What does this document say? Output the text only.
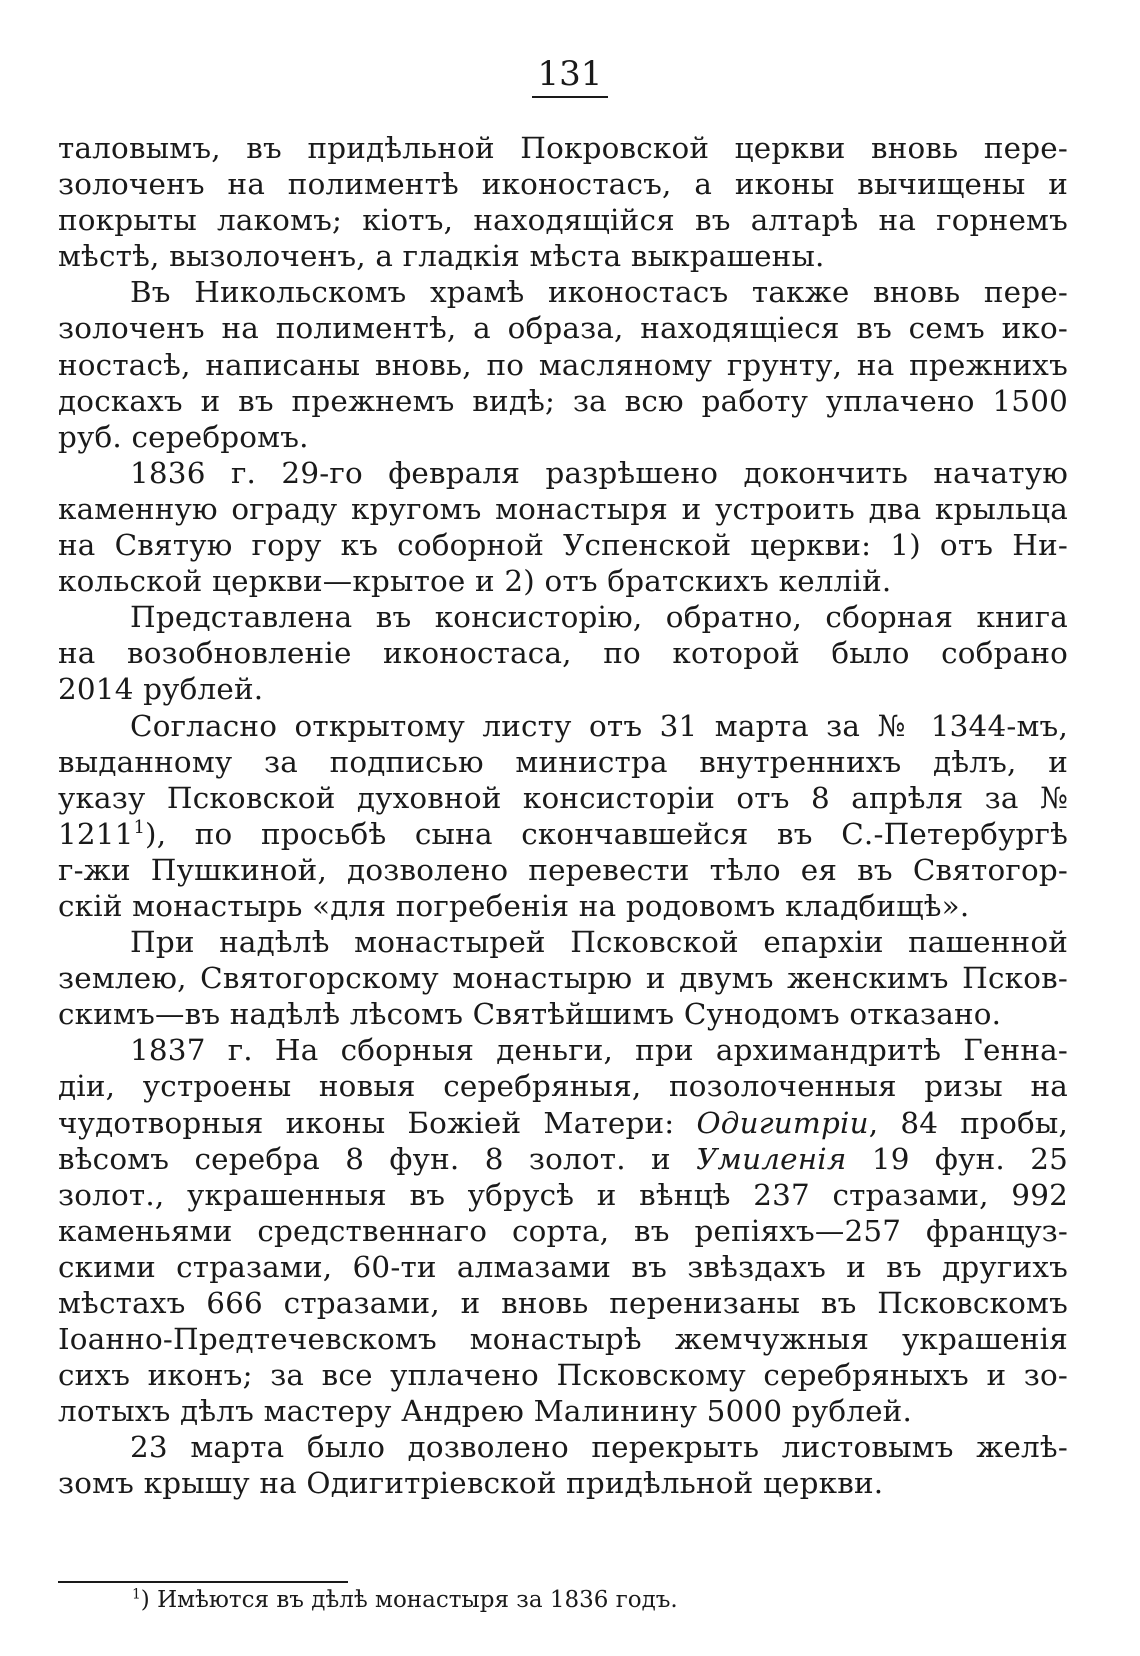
131
таловымъ, въ придѣльной Покровской церкви вновь пере-
золоченъ на полиментѣ иконостасъ, а иконы вычищены и
покрыты лакомъ; кіотъ, находящійся въ алтарѣ на горнемъ
мѣстѣ, вызолоченъ, а гладкія мѣста выкрашены.
Въ Никольскомъ храмѣ иконостасъ также вновь пере-
золоченъ на полиментѣ, а образа, находящіеся въ семъ ико-
ностасѣ, написаны вновь, по масляному грунту, на прежнихъ
доскахъ и въ прежнемъ видѣ; за всю работу уплачено 1500
руб. серебромъ.
1836 г. 29-го февраля разрѣшено докончить начатую
каменную ограду кругомъ монастыря и устроить два крыльца
на Святую гору къ соборной Успенской церкви: 1) отъ Ни-
кольской церкви—крытое и 2) отъ братскихъ келлій.
Представлена въ консисторію, обратно, сборная книга
на возобновленіе иконостаса, по которой было собрано
2014 рублей.
Согласно открытому листу отъ 31 марта за № 1344-мъ,
выданному за подписью министра внутреннихъ дѣлъ, и
указу Псковской духовной консисторіи отъ 8 апрѣля за №
1211$^1$), по просьбѣ сына скончавшейся въ С.-Петербургѣ
г-жи Пушкиной, дозволено перевести тѣло ея въ Святогор-
скій монастырь «для погребенія на родовомъ кладбищѣ».
При надѣлѣ монастырей Псковской епархіи пашенной
землею, Святогорскому монастырю и двумъ женскимъ Псков-
скимъ—въ надѣлѣ лѣсомъ Святѣйшимъ Сунодомъ отказано.
1837 г. На сборныя деньги, при архимандритѣ Генна-
діи, устроены новыя серебряныя, позолоченныя ризы на
чудотворныя иконы Божіей Матери: Одигитріи, 84 пробы,
вѣсомъ серебра 8 фун. 8 золот. и Умиленія 19 фун. 25
золот., украшенныя въ убрусѣ и вѣнцѣ 237 стразами, 992
каменьями средственнаго сорта, въ репіяхъ—257 францyз-
скими стразами, 60-ти алмазами въ звѣздахъ и въ другихъ
мѣстахъ 666 стразами, и вновь перенизаны въ Псковскомъ
Іоанно-Предтечевскомъ монастырѣ жемчужныя украшенія
сихъ иконъ; за все уплачено Псковскому серебряныхъ и зо-
лотыхъ дѣлъ мастеру Андрею Малинину 5000 рублей.
23 марта было дозволено перекрыть листовымъ желѣ-
зомъ крышу на Одигитріевской придѣльной церкви.
$^1$) Имѣются въ дѣлѣ монастыря за 1836 годъ.
